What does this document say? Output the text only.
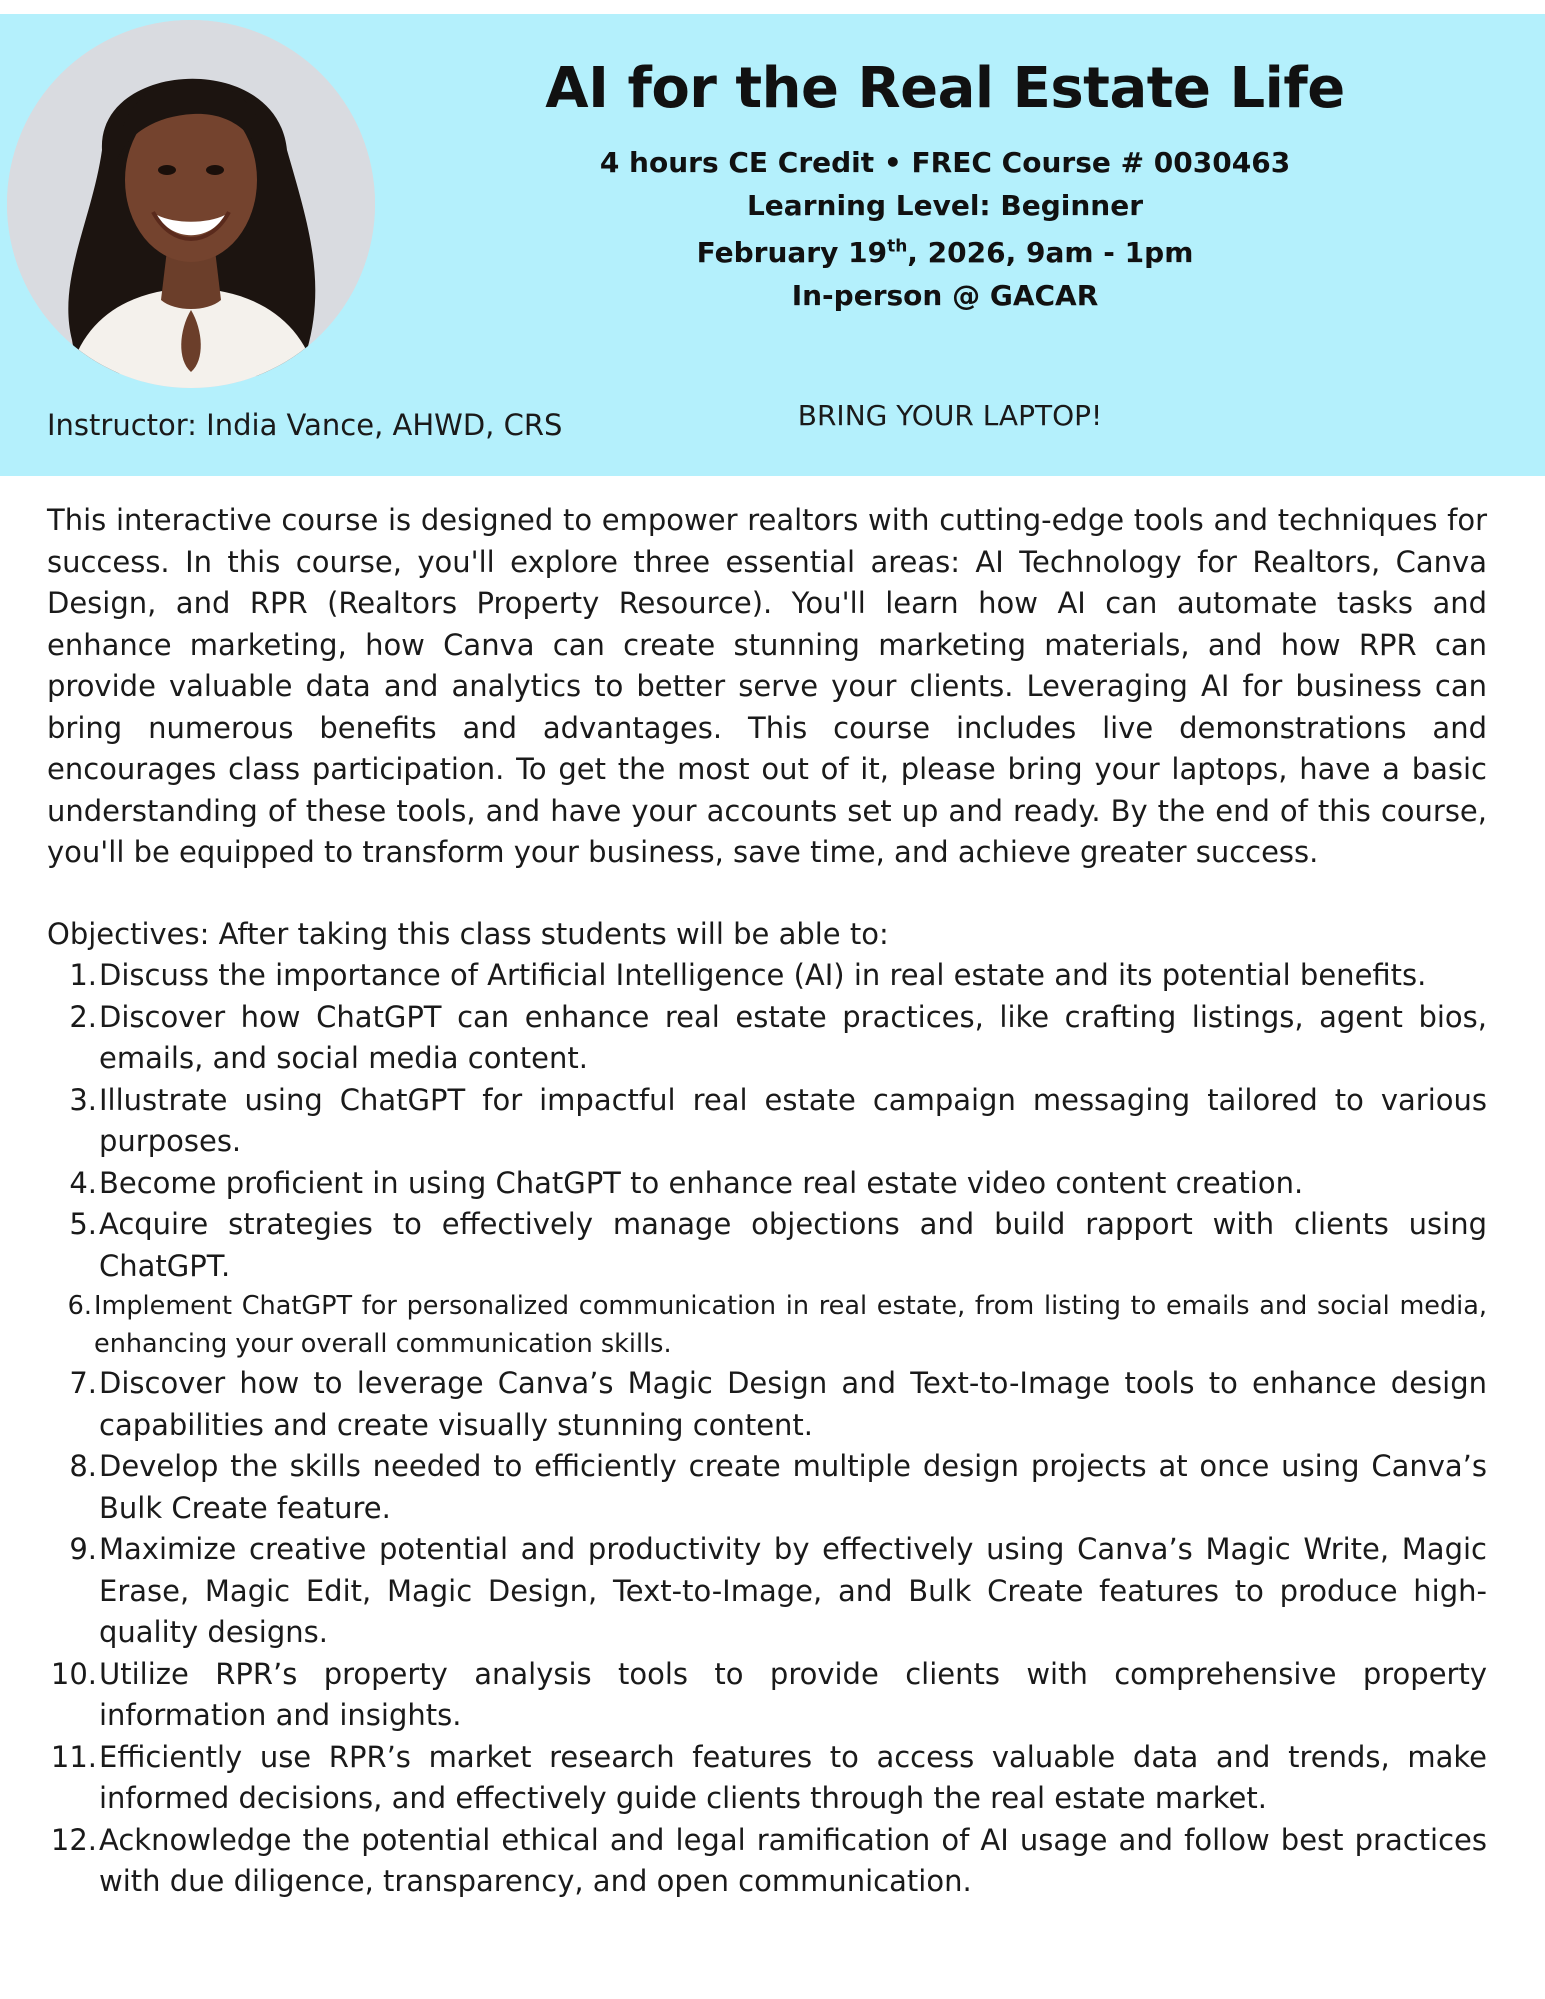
AI for the Real Estate Life
4 hours CE Credit • FREC Course # 0030463
Learning Level: Beginner
February 19th, 2026, 9am - 1pm
In-person @ GACAR
Instructor: India Vance, AHWD, CRS	BRING YOUR LAPTOP!

This interactive course is designed to empower realtors with cutting-edge tools and techniques for success. In this course, you'll explore three essential areas: AI Technology for Realtors, Canva Design, and RPR (Realtors Property Resource). You'll learn how AI can automate tasks and enhance marketing, how Canva can create stunning marketing materials, and how RPR can provide valuable data and analytics to better serve your clients. Leveraging AI for business can bring numerous benefits and advantages. This course includes live demonstrations and encourages class participation. To get the most out of it, please bring your laptops, have a basic understanding of these tools, and have your accounts set up and ready. By the end of this course, you'll be equipped to transform your business, save time, and achieve greater success.

Objectives: After taking this class students will be able to:

1. Discuss the importance of Artificial Intelligence (AI) in real estate and its potential benefits.
2. Discover how ChatGPT can enhance real estate practices, like crafting listings, agent bios, emails, and social media content.
3. Illustrate using ChatGPT for impactful real estate campaign messaging tailored to various purposes.
4. Become proficient in using ChatGPT to enhance real estate video content creation.
5. Acquire strategies to effectively manage objections and build rapport with clients using ChatGPT.
6. Implement ChatGPT for personalized communication in real estate, from listing to emails and social media, enhancing your overall communication skills.
7. Discover how to leverage Canva’s Magic Design and Text-to-Image tools to enhance design capabilities and create visually stunning content.
8. Develop the skills needed to efficiently create multiple design projects at once using Canva’s Bulk Create feature.
9. Maximize creative potential and productivity by effectively using Canva’s Magic Write, Magic Erase, Magic Edit, Magic Design, Text-to-Image, and Bulk Create features to produce high-quality designs.
10. Utilize RPR’s property analysis tools to provide clients with comprehensive property information and insights.
11. Efficiently use RPR’s market research features to access valuable data and trends, make informed decisions, and effectively guide clients through the real estate market.
12. Acknowledge the potential ethical and legal ramification of AI usage and follow best practices with due diligence, transparency, and open communication.
